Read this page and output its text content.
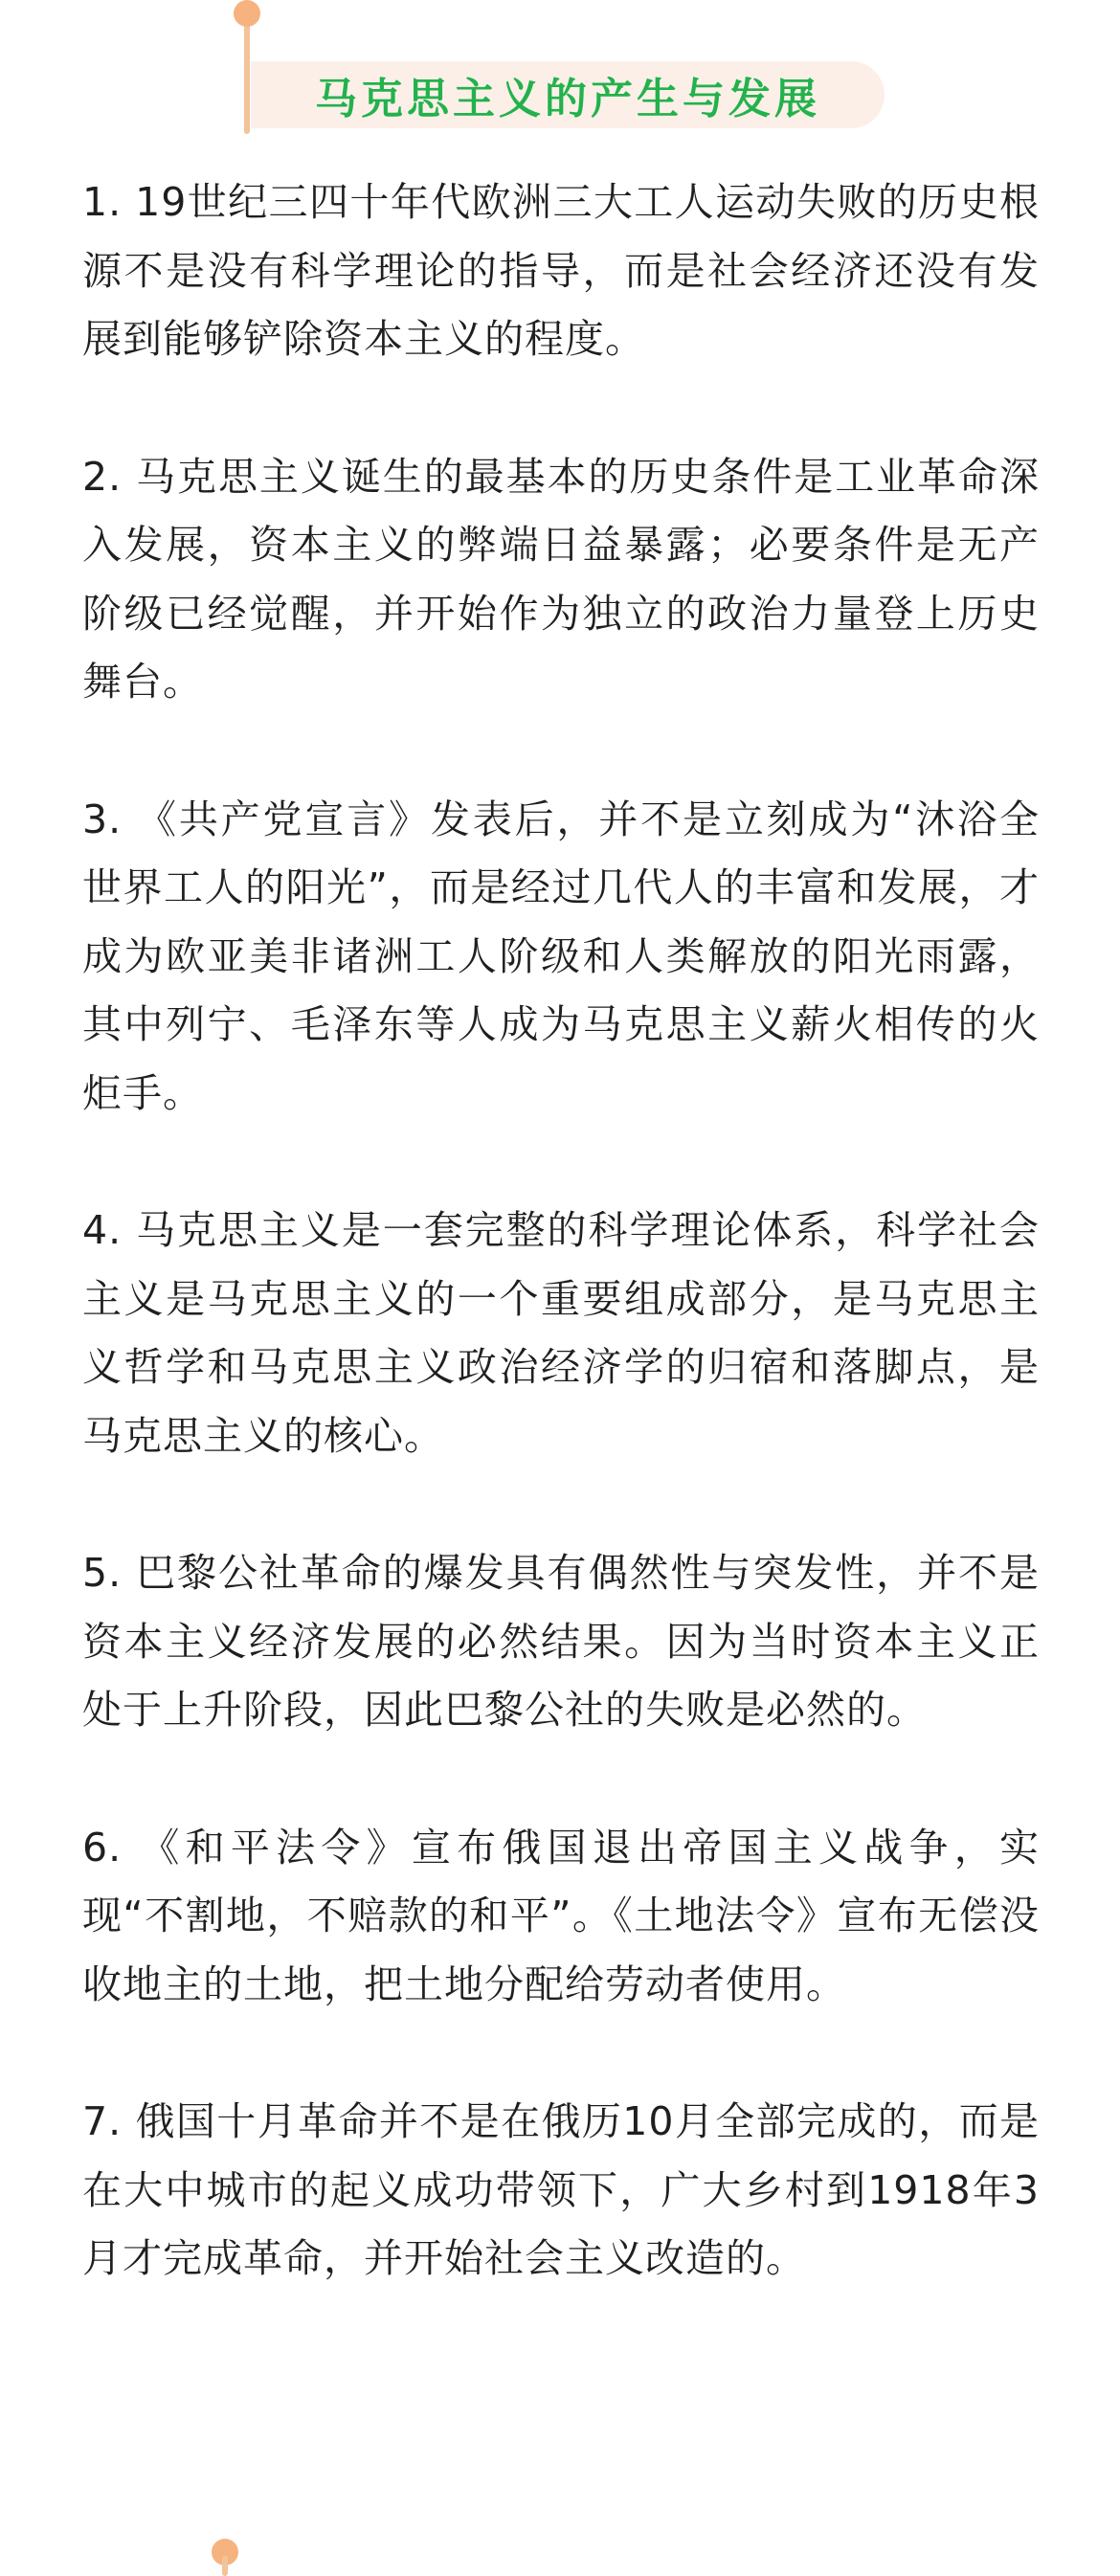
马克思主义的产生与发展

1. 19世纪三四十年代欧洲三大工人运动失败的历史根源不是没有科学理论的指导，而是社会经济还没有发展到能够铲除资本主义的程度。

2. 马克思主义诞生的最基本的历史条件是工业革命深入发展，资本主义的弊端日益暴露；必要条件是无产阶级已经觉醒，并开始作为独立的政治力量登上历史舞台。

3. 《共产党宣言》发表后，并不是立刻成为“沐浴全世界工人的阳光”，而是经过几代人的丰富和发展，才成为欧亚美非诸洲工人阶级和人类解放的阳光雨露，其中列宁、毛泽东等人成为马克思主义薪火相传的火炬手。

4. 马克思主义是一套完整的科学理论体系，科学社会主义是马克思主义的一个重要组成部分，是马克思主义哲学和马克思主义政治经济学的归宿和落脚点，是马克思主义的核心。

5. 巴黎公社革命的爆发具有偶然性与突发性，并不是资本主义经济发展的必然结果。因为当时资本主义正处于上升阶段，因此巴黎公社的失败是必然的。

6. 《和平法令》宣布俄国退出帝国主义战争，实现“不割地，不赔款的和平”。《土地法令》宣布无偿没收地主的土地，把土地分配给劳动者使用。

7. 俄国十月革命并不是在俄历10月全部完成的，而是在大中城市的起义成功带领下，广大乡村到1918年3月才完成革命，并开始社会主义改造的。
